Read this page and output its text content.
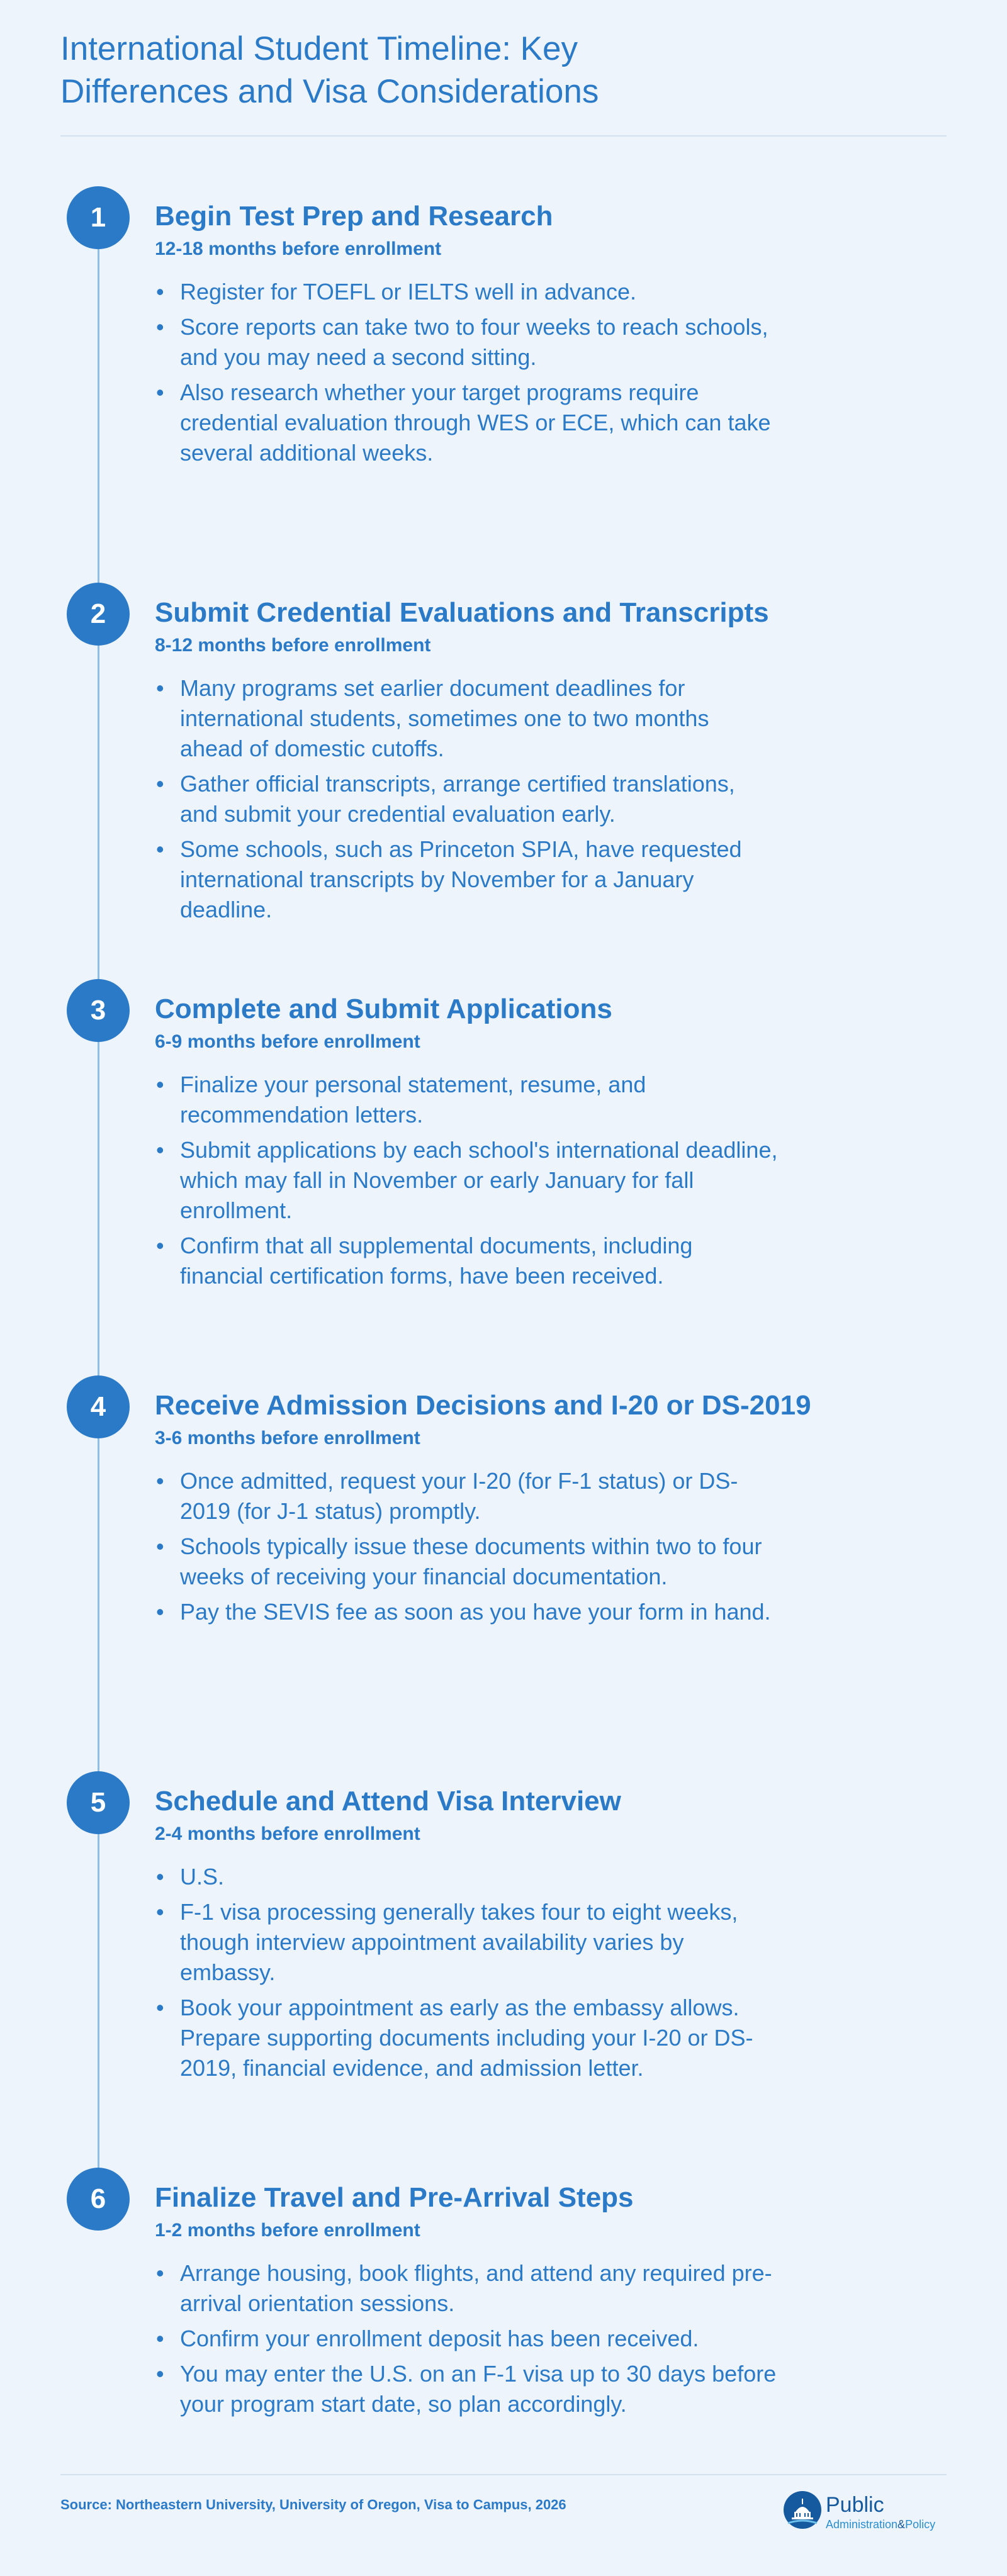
International Student Timeline: Key
Differences and Visa Considerations
1	Begin Test Prep and Research
12-18 months before enrollment
• Register for TOEFL or IELTS well in advance.
• Score reports can take two to four weeks to reach schools, and you may need a second sitting.
• Also research whether your target programs require credential evaluation through WES or ECE, which can take several additional weeks.
2	Submit Credential Evaluations and Transcripts
8-12 months before enrollment
• Many programs set earlier document deadlines for international students, sometimes one to two months ahead of domestic cutoffs.
• Gather official transcripts, arrange certified translations, and submit your credential evaluation early.
• Some schools, such as Princeton SPIA, have requested international transcripts by November for a January deadline.
3	Complete and Submit Applications
6-9 months before enrollment
• Finalize your personal statement, resume, and recommendation letters.
• Submit applications by each school's international deadline, which may fall in November or early January for fall enrollment.
• Confirm that all supplemental documents, including financial certification forms, have been received.
4	Receive Admission Decisions and I-20 or DS-2019
3-6 months before enrollment
• Once admitted, request your I-20 (for F-1 status) or DS-2019 (for J-1 status) promptly.
• Schools typically issue these documents within two to four weeks of receiving your financial documentation.
• Pay the SEVIS fee as soon as you have your form in hand.
5	Schedule and Attend Visa Interview
2-4 months before enrollment
• U.S.
• F-1 visa processing generally takes four to eight weeks, though interview appointment availability varies by embassy.
• Book your appointment as early as the embassy allows. Prepare supporting documents including your I-20 or DS-2019, financial evidence, and admission letter.
6	Finalize Travel and Pre-Arrival Steps
1-2 months before enrollment
• Arrange housing, book flights, and attend any required pre-arrival orientation sessions.
• Confirm your enrollment deposit has been received.
• You may enter the U.S. on an F-1 visa up to 30 days before your program start date, so plan accordingly.
Source: Northeastern University, University of Oregon, Visa to Campus, 2026	Public
Administration&Policy
